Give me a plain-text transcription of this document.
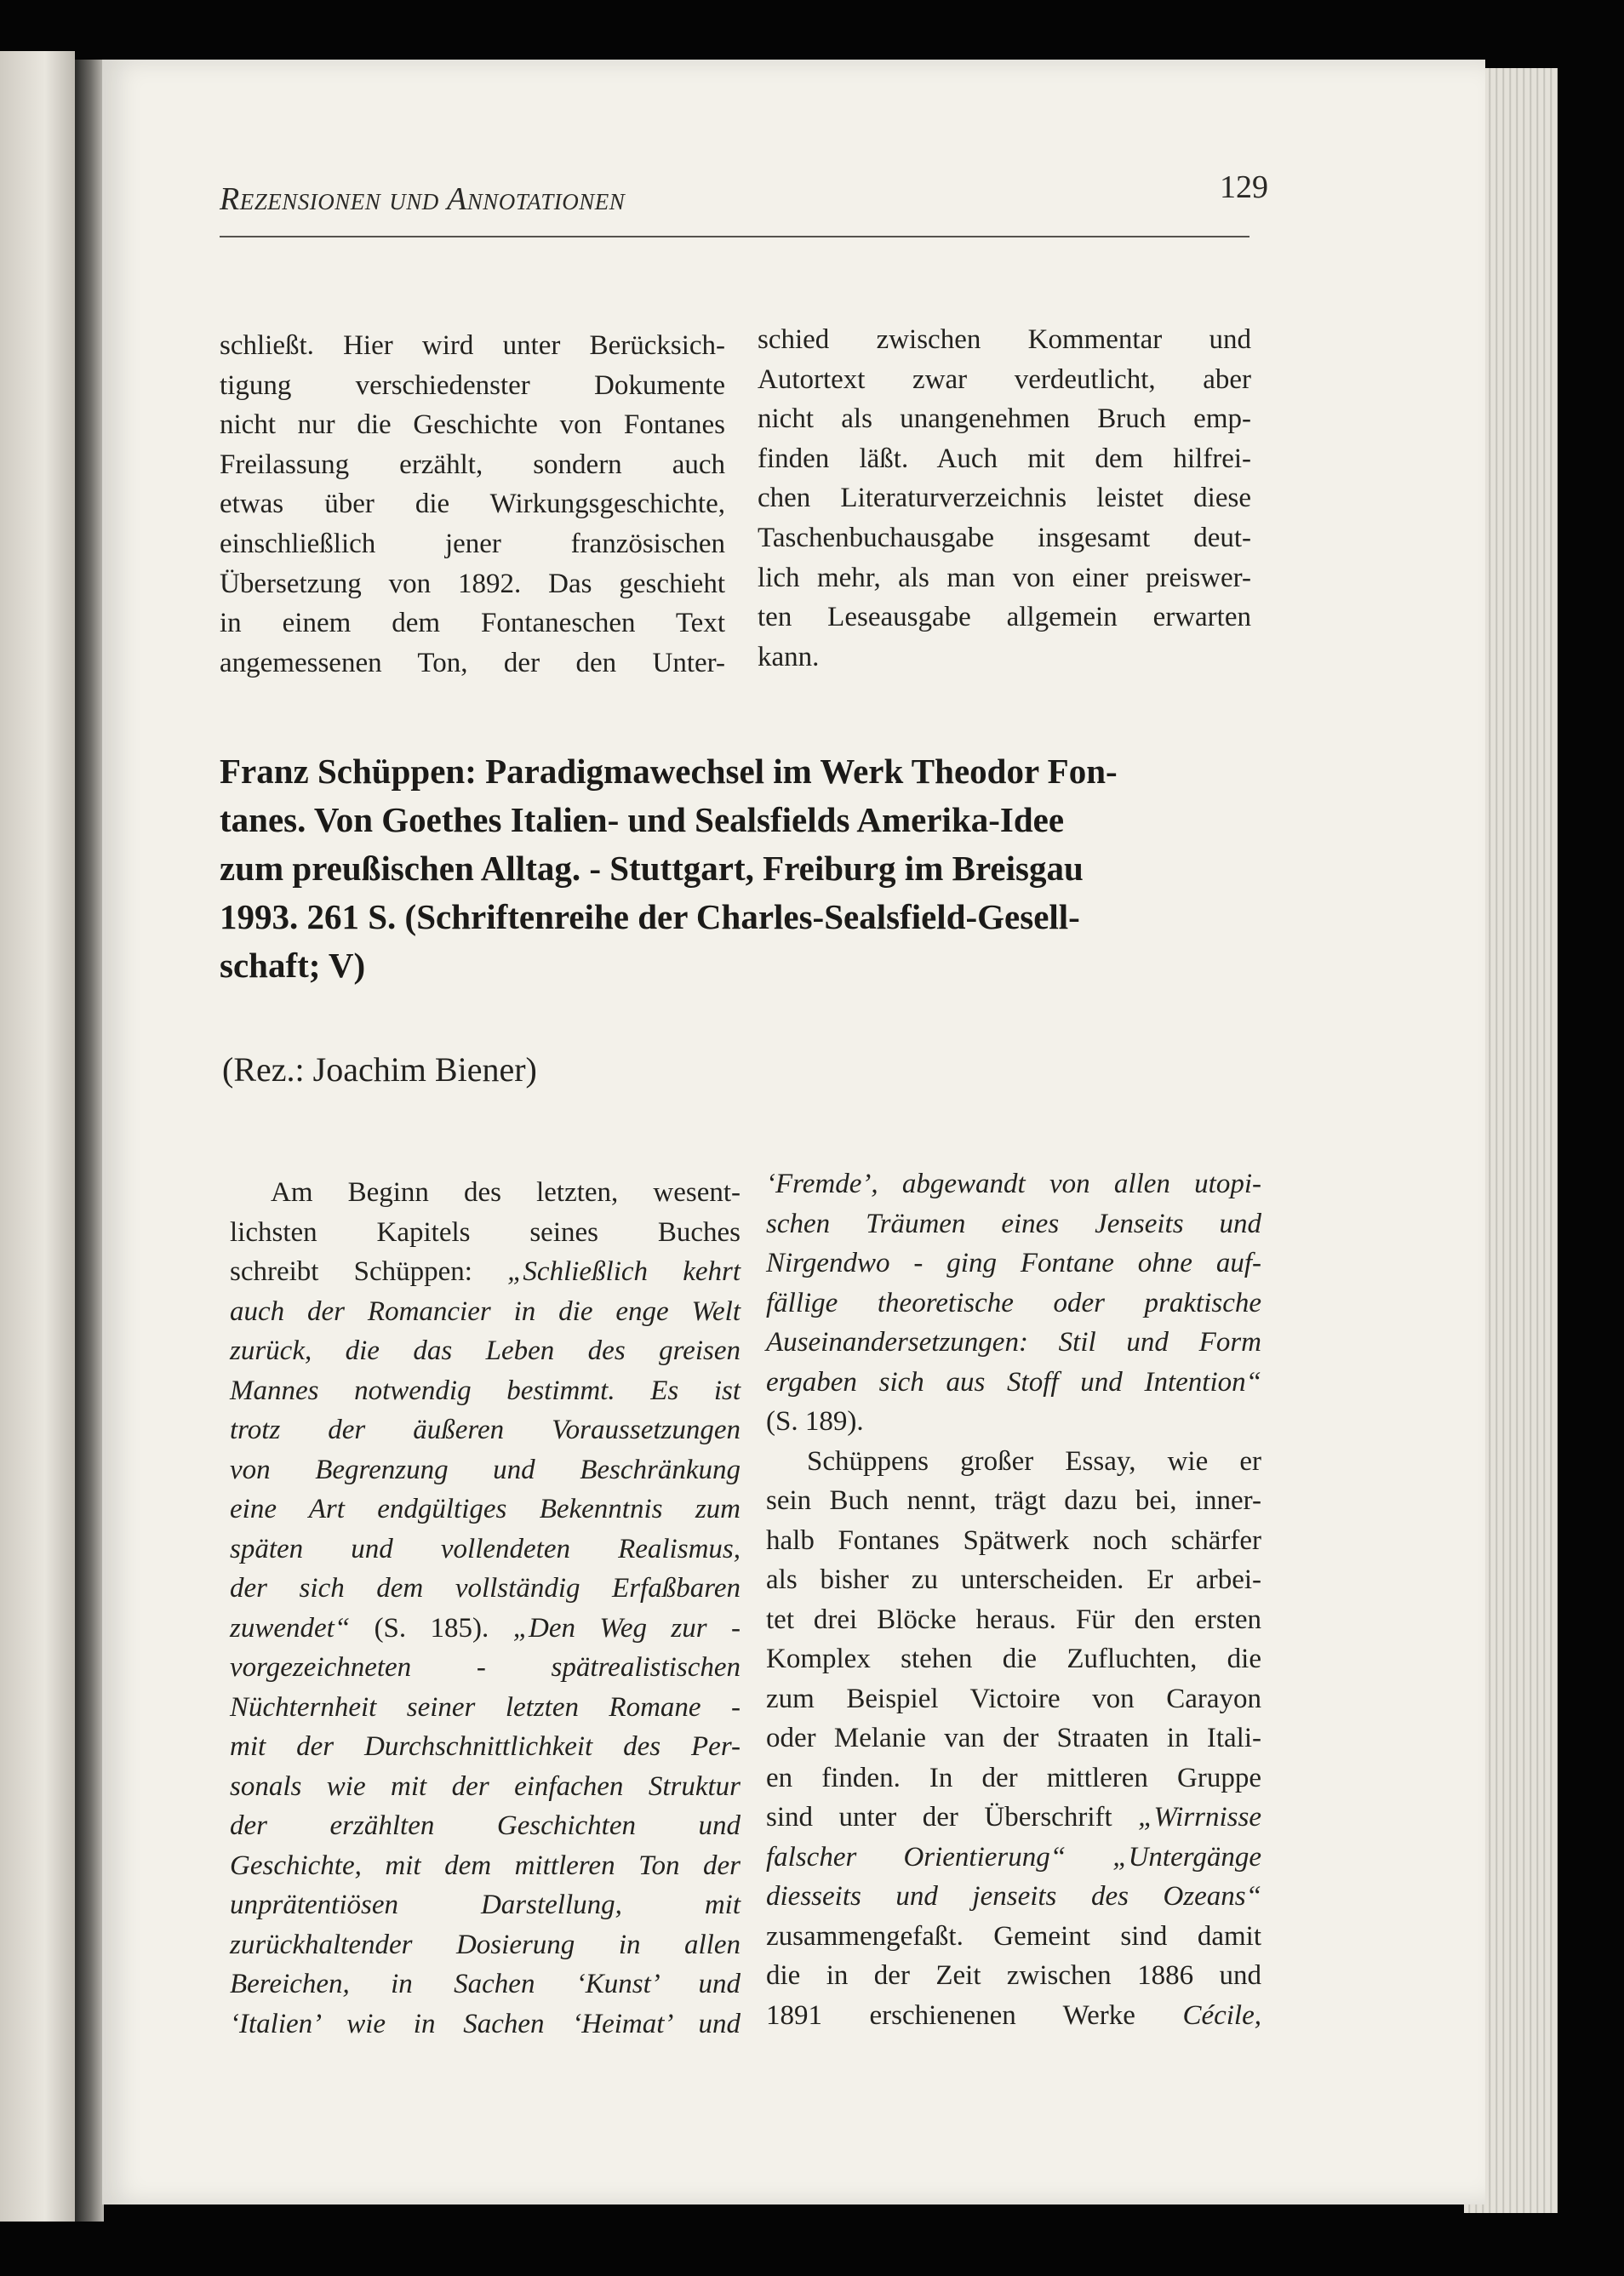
Rezensionen und Annotationen	129
schließt. Hier wird unter Berücksich-
tigung verschiedenster Dokumente
nicht nur die Geschichte von Fontanes
Freilassung erzählt, sondern auch
etwas über die Wirkungsgeschichte,
einschließlich jener französischen
Übersetzung von 1892. Das geschieht
in einem dem Fontaneschen Text
angemessenen Ton, der den Unter-
schied zwischen Kommentar und
Autortext zwar verdeutlicht, aber
nicht als unangenehmen Bruch emp-
finden läßt. Auch mit dem hilfrei-
chen Literaturverzeichnis leistet diese
Taschenbuchausgabe insgesamt deut-
lich mehr, als man von einer preiswer-
ten Leseausgabe allgemein erwarten
kann.
Franz Schüppen: Paradigmawechsel im Werk Theodor Fon-
tanes. Von Goethes Italien- und Sealsfields Amerika-Idee
zum preußischen Alltag. - Stuttgart, Freiburg im Breisgau
1993. 261 S. (Schriftenreihe der Charles-Sealsfield-Gesell-
schaft; V)
(Rez.: Joachim Biener)
Am Beginn des letzten, wesent-
lichsten Kapitels seines Buches
schreibt Schüppen: „Schließlich kehrt
auch der Romancier in die enge Welt
zurück, die das Leben des greisen
Mannes notwendig bestimmt. Es ist
trotz der äußeren Voraussetzungen
von Begrenzung und Beschränkung
eine Art endgültiges Bekenntnis zum
späten und vollendeten Realismus,
der sich dem vollständig Erfaßbaren
zuwendet“ (S. 185). „Den Weg zur -
vorgezeichneten - spätrealistischen
Nüchternheit seiner letzten Romane -
mit der Durchschnittlichkeit des Per-
sonals wie mit der einfachen Struktur
der erzählten Geschichten und
Geschichte, mit dem mittleren Ton der
unprätentiösen Darstellung, mit
zurückhaltender Dosierung in allen
Bereichen, in Sachen ‘Kunst’ und
‘Italien’ wie in Sachen ‘Heimat’ und
‘Fremde’, abgewandt von allen utopi-
schen Träumen eines Jenseits und
Nirgendwo - ging Fontane ohne auf-
fällige theoretische oder praktische
Auseinandersetzungen: Stil und Form
ergaben sich aus Stoff und Intention“
(S. 189).
Schüppens großer Essay, wie er
sein Buch nennt, trägt dazu bei, inner-
halb Fontanes Spätwerk noch schärfer
als bisher zu unterscheiden. Er arbei-
tet drei Blöcke heraus. Für den ersten
Komplex stehen die Zufluchten, die
zum Beispiel Victoire von Carayon
oder Melanie van der Straaten in Itali-
en finden. In der mittleren Gruppe
sind unter der Überschrift „Wirrnisse
falscher Orientierung“ „Untergänge
diesseits und jenseits des Ozeans“
zusammengefaßt. Gemeint sind damit
die in der Zeit zwischen 1886 und
1891 erschienenen Werke Cécile,
